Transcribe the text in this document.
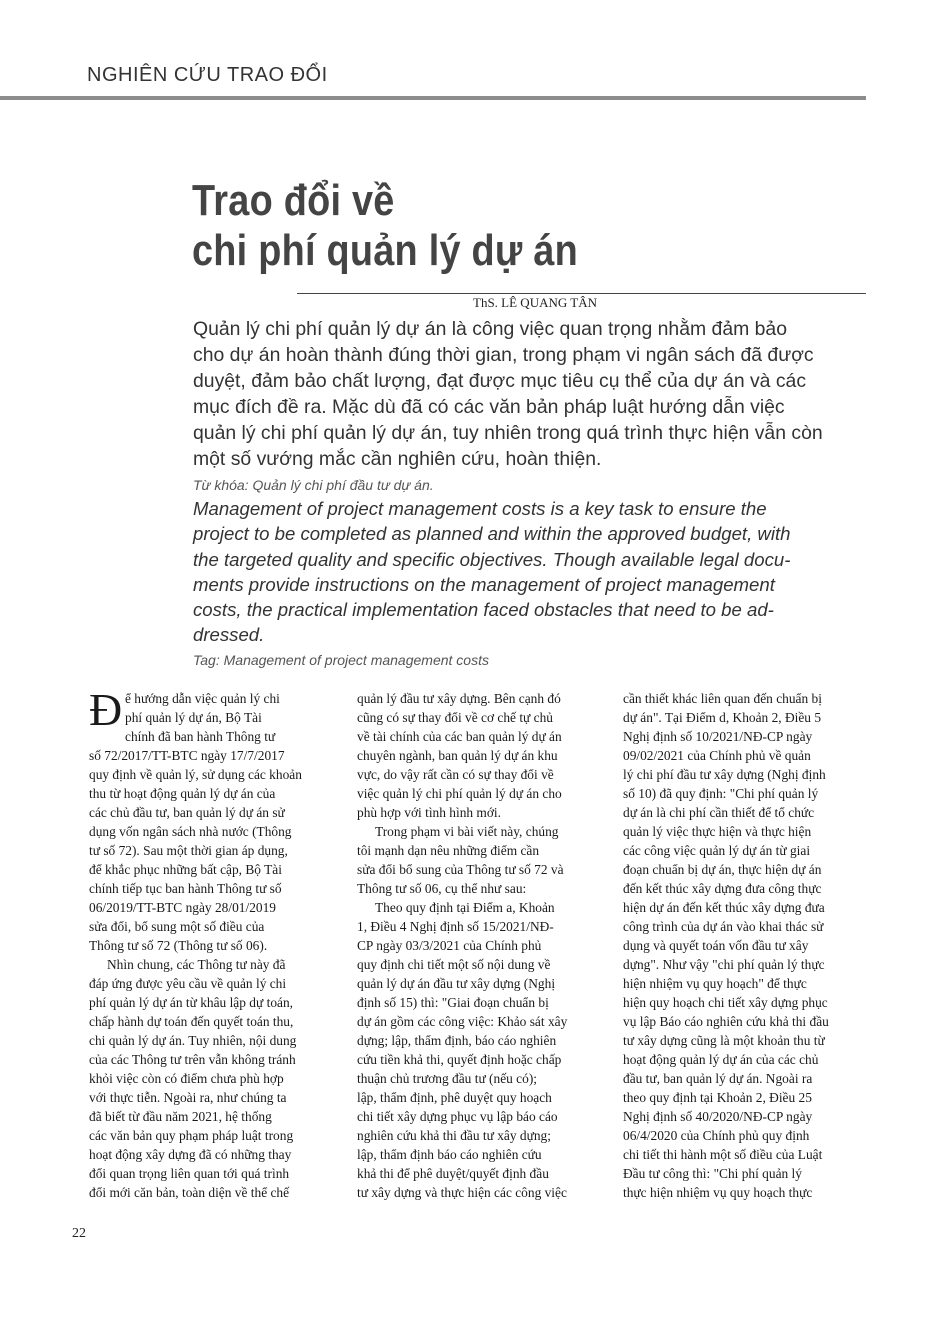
NGHIÊN CỨU TRAO ĐỔI
Trao đổi về
chi phí quản lý dự án
ThS. LÊ QUANG TÂN
Quản lý chi phí quản lý dự án là công việc quan trọng nhằm đảm bảo
cho dự án hoàn thành đúng thời gian, trong phạm vi ngân sách đã được
duyệt, đảm bảo chất lượng, đạt được mục tiêu cụ thể của dự án và các
mục đích đề ra. Mặc dù đã có các văn bản pháp luật hướng dẫn việc
quản lý chi phí quản lý dự án, tuy nhiên trong quá trình thực hiện vẫn còn
một số vướng mắc cần nghiên cứu, hoàn thiện.
Từ khóa: Quản lý chi phí đầu tư dự án.
Management of project management costs is a key task to ensure the
project to be completed as planned and within the approved budget, with
the targeted quality and specific objectives. Though available legal docu-
ments provide instructions on the management of project management
costs, the practical implementation faced obstacles that need to be ad-
dressed.
Tag: Management of project management costs
Đ ể hướng dẫn việc quản lý chi
phí quản lý dự án, Bộ Tài
chính đã ban hành Thông tư
số 72/2017/TT-BTC ngày 17/7/2017
quy định về quản lý, sử dụng các khoản
thu từ hoạt động quản lý dự án của
các chủ đầu tư, ban quản lý dự án sử
dụng vốn ngân sách nhà nước (Thông
tư số 72). Sau một thời gian áp dụng,
để khắc phục những bất cập, Bộ Tài
chính tiếp tục ban hành Thông tư số
06/2019/TT-BTC ngày 28/01/2019
sửa đổi, bổ sung một số điều của
Thông tư số 72 (Thông tư số 06).
Nhìn chung, các Thông tư này đã
đáp ứng được yêu cầu về quản lý chi
phí quản lý dự án từ khâu lập dự toán,
chấp hành dự toán đến quyết toán thu,
chi quản lý dự án. Tuy nhiên, nội dung
của các Thông tư trên vẫn không tránh
khỏi việc còn có điểm chưa phù hợp
với thực tiễn. Ngoài ra, như chúng ta
đã biết từ đầu năm 2021, hệ thống
các văn bản quy phạm pháp luật trong
hoạt động xây dựng đã có những thay
đổi quan trọng liên quan tới quá trình
đổi mới căn bản, toàn diện về thể chế
quản lý đầu tư xây dựng. Bên cạnh đó
cũng có sự thay đổi về cơ chế tự chủ
về tài chính của các ban quản lý dự án
chuyên ngành, ban quản lý dự án khu
vực, do vậy rất cần có sự thay đổi về
việc quản lý chi phí quản lý dự án cho
phù hợp với tình hình mới.
Trong phạm vi bài viết này, chúng
tôi mạnh dạn nêu những điểm cần
sửa đổi bổ sung của Thông tư số 72 và
Thông tư số 06, cụ thể như sau:
Theo quy định tại Điểm a, Khoản
1, Điều 4 Nghị định số 15/2021/NĐ-
CP ngày 03/3/2021 của Chính phủ
quy định chi tiết một số nội dung về
quản lý dự án đầu tư xây dựng (Nghị
định số 15) thì: "Giai đoạn chuẩn bị
dự án gồm các công việc: Khảo sát xây
dựng; lập, thẩm định, báo cáo nghiên
cứu tiền khả thi, quyết định hoặc chấp
thuận chủ trương đầu tư (nếu có);
lập, thẩm định, phê duyệt quy hoạch
chi tiết xây dựng phục vụ lập báo cáo
nghiên cứu khả thi đầu tư xây dựng;
lập, thẩm định báo cáo nghiên cứu
khả thi để phê duyệt/quyết định đầu
tư xây dựng và thực hiện các công việc
cần thiết khác liên quan đến chuẩn bị
dự án". Tại Điểm d, Khoản 2, Điều 5
Nghị định số 10/2021/NĐ-CP ngày
09/02/2021 của Chính phủ về quản
lý chi phí đầu tư xây dựng (Nghị định
số 10) đã quy định: "Chi phí quản lý
dự án là chi phí cần thiết để tổ chức
quản lý việc thực hiện và thực hiện
các công việc quản lý dự án từ giai
đoạn chuẩn bị dự án, thực hiện dự án
đến kết thúc xây dựng đưa công thực
hiện dự án đến kết thúc xây dựng đưa
công trình của dự án vào khai thác sử
dụng và quyết toán vốn đầu tư xây
dựng". Như vậy "chi phí quản lý thực
hiện nhiệm vụ quy hoạch" để thực
hiện quy hoạch chi tiết xây dựng phục
vụ lập Báo cáo nghiên cứu khả thi đầu
tư xây dựng cũng là một khoản thu từ
hoạt động quản lý dự án của các chủ
đầu tư, ban quản lý dự án. Ngoài ra
theo quy định tại Khoản 2, Điều 25
Nghị định số 40/2020/NĐ-CP ngày
06/4/2020 của Chính phủ quy định
chi tiết thi hành một số điều của Luật
Đầu tư công thì: "Chi phí quản lý
thực hiện nhiệm vụ quy hoạch thực
22
